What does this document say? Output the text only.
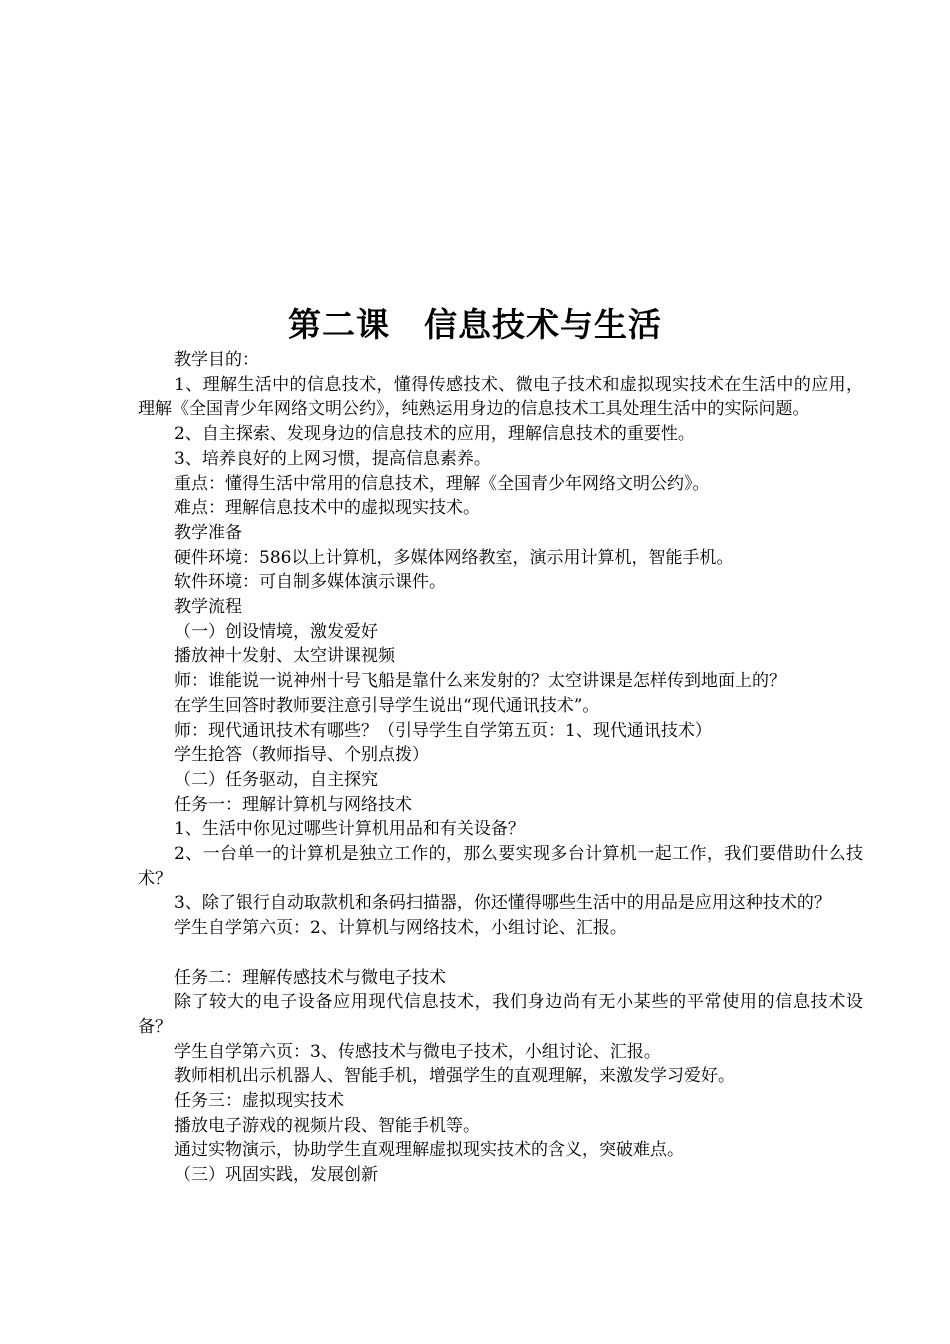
第二课　信息技术与生活

教学目的：

1、理解生活中的信息技术，懂得传感技术、微电子技术和虚拟现实技术在生活中的应用，理解《全国青少年网络文明公约》，纯熟运用身边的信息技术工具处理生活中的实际问题。

2、自主探索、发现身边的信息技术的应用，理解信息技术的重要性。

3、培养良好的上网习惯，提高信息素养。

重点：懂得生活中常用的信息技术，理解《全国青少年网络文明公约》。

难点：理解信息技术中的虚拟现实技术。

教学准备

硬件环境：586以上计算机，多媒体网络教室，演示用计算机，智能手机。

软件环境：可自制多媒体演示课件。

教学流程

（一）创设情境，激发爱好

播放神十发射、太空讲课视频

师：谁能说一说神州十号飞船是靠什么来发射的？太空讲课是怎样传到地面上的？

在学生回答时教师要注意引导学生说出“现代通讯技术”。

师：现代通讯技术有哪些？（引导学生自学第五页：1、现代通讯技术）

学生抢答（教师指导、个别点拨）

（二）任务驱动，自主探究

任务一：理解计算机与网络技术

1、生活中你见过哪些计算机用品和有关设备？

2、一台单一的计算机是独立工作的，那么要实现多台计算机一起工作，我们要借助什么技术？

3、除了银行自动取款机和条码扫描器，你还懂得哪些生活中的用品是应用这种技术的？

学生自学第六页：2、计算机与网络技术，小组讨论、汇报。

任务二：理解传感技术与微电子技术

除了较大的电子设备应用现代信息技术，我们身边尚有无小某些的平常使用的信息技术设备？

学生自学第六页：3、传感技术与微电子技术，小组讨论、汇报。

教师相机出示机器人、智能手机，增强学生的直观理解，来激发学习爱好。

任务三：虚拟现实技术

播放电子游戏的视频片段、智能手机等。

通过实物演示，协助学生直观理解虚拟现实技术的含义，突破难点。

（三）巩固实践，发展创新
